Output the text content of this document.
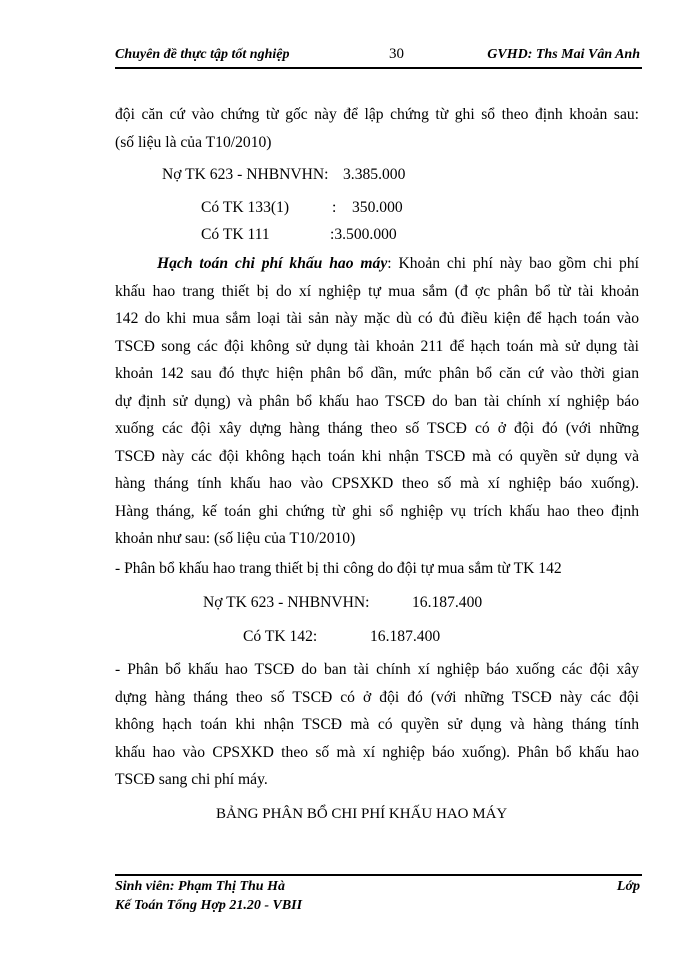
Chuyên đề thực tập tốt nghiệp	30	GVHD: Ths Mai Vân Anh
đội căn cứ vào chứng từ gốc này để lập chứng từ ghi sổ theo định khoản sau:
(số liệu là của T10/2010)
Nợ TK 623 - NHBNVHN: 3.385.000
Có TK 133(1)	: 350.000
Có TK 111	:3.500.000
Hạch toán chi phí khấu hao máy: Khoản chi phí này bao gồm chi phí
khấu hao trang thiết bị do xí nghiệp tự mua sắm (đ ợc phân bổ từ tài khoản
142 do khi mua sắm loại tài sản này mặc dù có đủ điều kiện để hạch toán vào
TSCĐ song các đội không sử dụng tài khoản 211 để hạch toán mà sử dụng tài
khoản 142 sau đó thực hiện phân bổ dần, mức phân bổ căn cứ vào thời gian
dự định sử dụng) và phân bổ khấu hao TSCĐ do ban tài chính xí nghiệp báo
xuống các đội xây dựng hàng tháng theo số TSCĐ có ở đội đó (với những
TSCĐ này các đội không hạch toán khi nhận TSCĐ mà có quyền sử dụng và
hàng tháng tính khấu hao vào CPSXKD theo số mà xí nghiệp báo xuống).
Hàng tháng, kế toán ghi chứng từ ghi sổ nghiệp vụ trích khấu hao theo định
khoản như sau: (số liệu của T10/2010)
- Phân bổ khấu hao trang thiết bị thi công do đội tự mua sắm từ TK 142
Nợ TK 623 - NHBNVHN:	16.187.400
Có TK 142:	16.187.400
- Phân bổ khấu hao TSCĐ do ban tài chính xí nghiệp báo xuống các đội xây
dựng hàng tháng theo số TSCĐ có ở đội đó (với những TSCĐ này các đội
không hạch toán khi nhận TSCĐ mà có quyền sử dụng và hàng tháng tính
khấu hao vào CPSXKD theo số mà xí nghiệp báo xuống). Phân bổ khấu hao
TSCĐ sang chi phí máy.
BẢNG PHÂN BỔ CHI PHÍ KHẤU HAO MÁY
Sinh viên: Phạm Thị Thu Hà	Lớp
Kế Toán Tổng Hợp 21.20 - VBII
